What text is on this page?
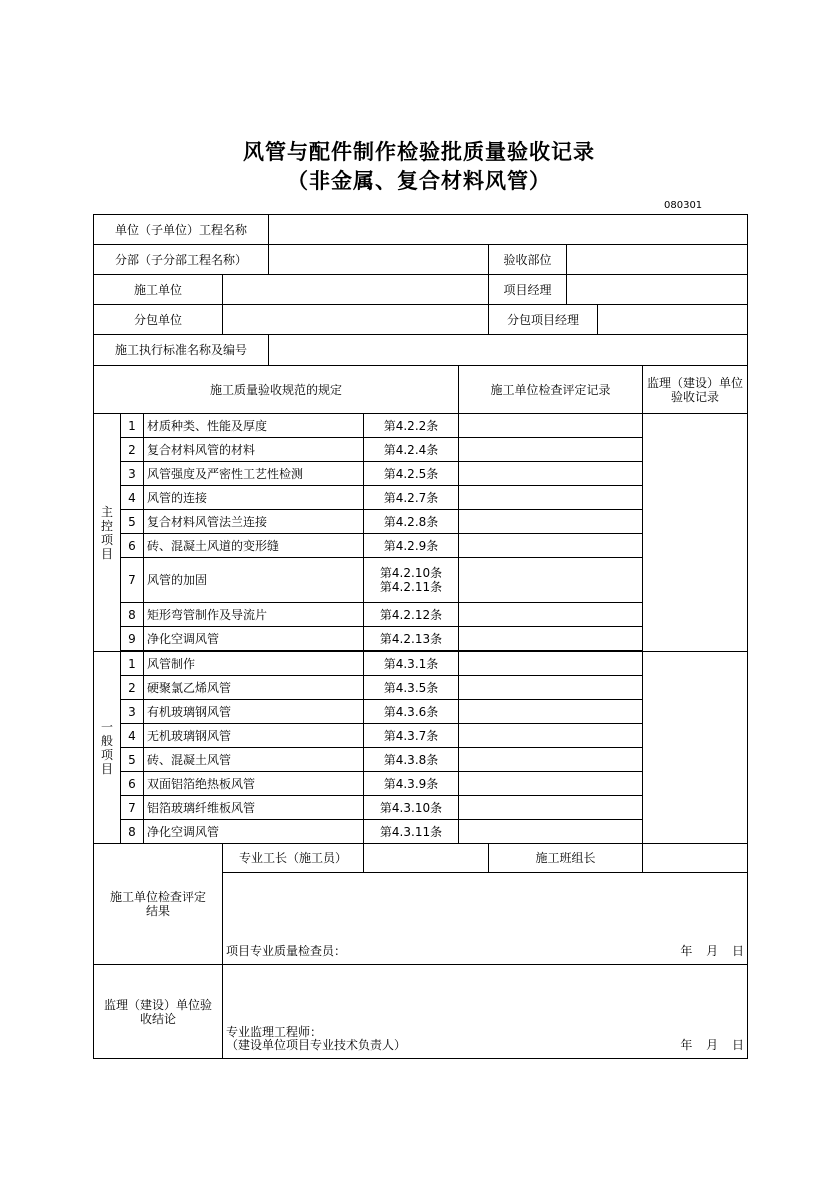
风管与配件制作检验批质量验收记录
（非金属、复合材料风管）
080301
单位（子单位）工程名称										
分部（子分部工程名称）							验收部位			
施工单位							项目经理			
分包单位							分包项目经理			
施工执行标准名称及编号										
施工质量验收规范的规定						施工单位检查评定记录				监理（建设）单位验收记录

主控项目	1	材质种类、性能及厚度			第4.2.2条					
	2	复合材料风管的材料			第4.2.4条					
	3	风管强度及严密性工艺性检测			第4.2.5条					
	4	风管的连接			第4.2.7条					
	5	复合材料风管法兰连接			第4.2.8条					
	6	砖、混凝土风道的变形缝			第4.2.9条					
	7	风管的加固			第4.2.10条
第4.2.11条					

	8	矩形弯管制作及导流片			第4.2.12条					
	9	净化空调风管			第4.2.13条					

一般项目	1	风管制作			第4.3.1条					
	2	硬聚氯乙烯风管			第4.3.5条					
	3	有机玻璃钢风管			第4.3.6条					
	4	无机玻璃钢风管			第4.3.7条					
	5	砖、混凝土风管			第4.3.8条					
	6	双面铝箔绝热板风管			第4.3.9条					
	7	铝箔玻璃纤维板风管			第4.3.10条					
	8	净化空调风管			第4.3.11条					

施工单位检查评定结果			专业工长（施工员）				施工班组长			

			项目专业质量检查员： 年 月 日							

监理（建设）单位验收结论			专业监理工程师：
（建设单位项目专业技术负责人） 年 月 日							
